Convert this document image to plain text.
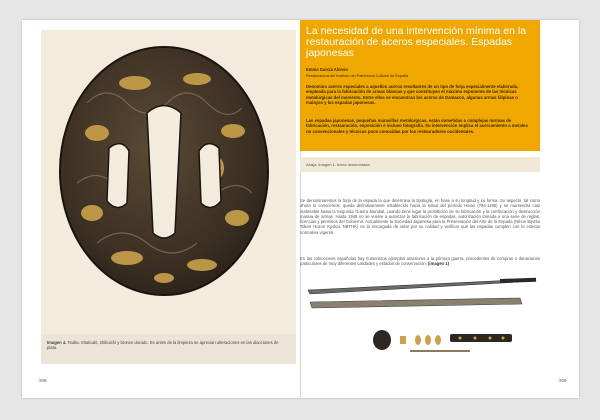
Imagen 4. Tsuba. Shakudō, shibuichi y bronce dorado. Es antes de la limpieza se aprecian alteraciones en las alacciones de plata.
208
La necesidad de una intervención mínima en la restauración de aceros especiales. Espadas japonesas
Emma García Alonso
Restauradora del Instituto del Patrimonio Cultural de España
Denomino aceros especiales a aquellos aceros resultantes de un tipo de forja especialmente elaborada, empleada para la fabricación de armas blancas y que constituyen el máximo exponente de las técnicas metalúrgicas del momento. Entre ellos se encuentran los aceros de Damasco, algunas armas filipinas o malayas y las espadas japonesas.
Las espadas japonesas, pequeñas maravillas metalúrgicas, están sometidas a complejas normas de fabricación, restauración, exposición e incluso fotografía. Su intervención implica el acercamiento a metales no convencionales y técnicas poco conocidas por los restauradores occidentales.
Abajo, imagen 1. Arma desmontada.
Se denominaremos la forja de la espada la que determina la tipología, en base a su longitud y su forma. Su aspecto, tal como ahora lo conocemos, queda definitivamente establecido hacia la mitad del período Heian (794-1185) y se mantendrá casi inalterable hasta la Segunda Guerra Mundial, cuando tiene lugar la prohibición de su fabricación y la confiscación y destrucción masiva de armas. Hasta 1948 no se vuelve a autorizar la fabricación de espadas, autorización tomada a una serie de reglas, licencias y permisos del Gobierno. Actualmente la Sociedad Japonesa para la Preservación del Arte de la Espada (Nihon Bijutsu Token Hozon Kyokai, NBTHK) es la encargada de velar por su calidad y verificar que las espadas cumplen con la estricta normativa vigente.
En las colecciones españolas hay numerosos ejemplos anteriores a la primera guerra, procedentes de compras o donaciones particulares de muy diferentes calidades y estados de conservación. (imagen 1)
209
